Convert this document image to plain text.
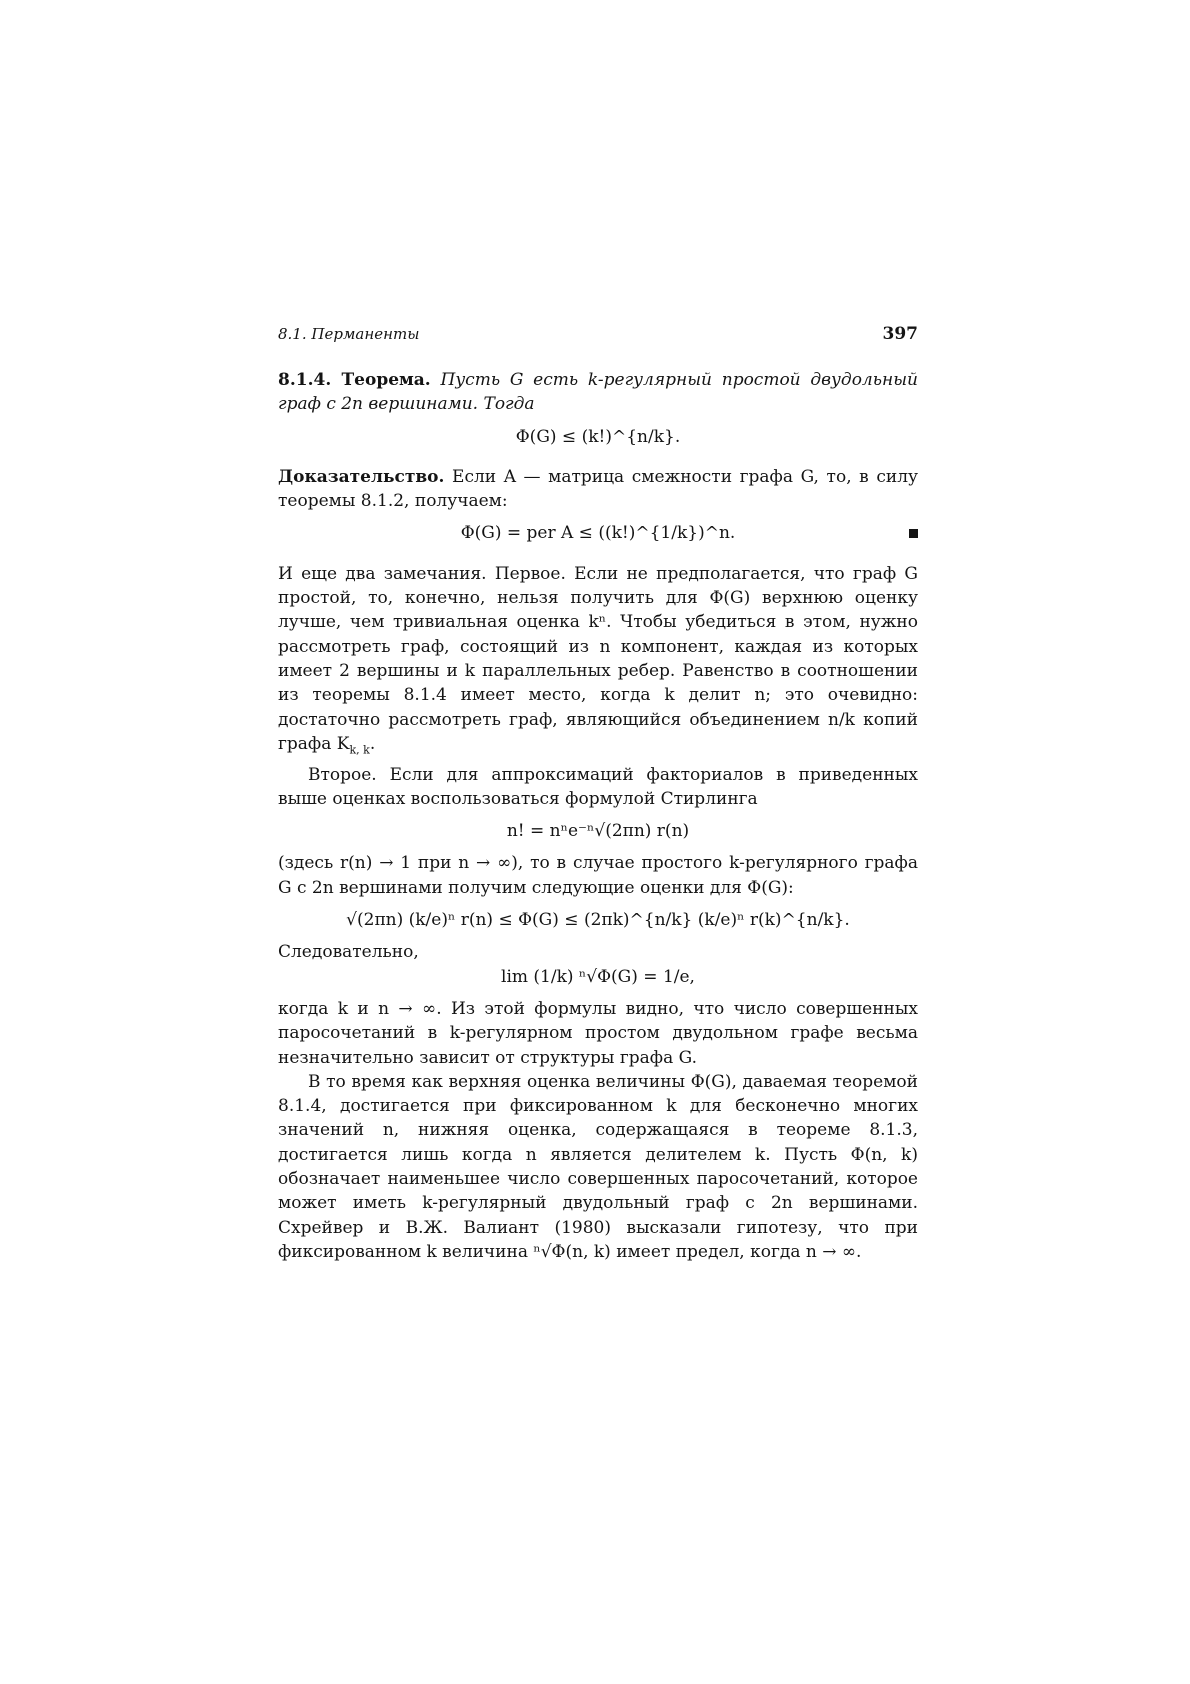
8.1. Перманенты	397

8.1.4. Теорема. Пусть G есть k-регулярный простой двудольный граф с 2n вершинами. Тогда

Φ(G) ≤ (k!)^{n/k}.

Доказательство. Если A — матрица смежности графа G, то, в силу теоремы 8.1.2, получаем:

Φ(G) = per A ≤ ((k!)^{1/k})^n.

И еще два замечания. Первое. Если не предполагается, что граф G простой, то, конечно, нельзя получить для Φ(G) верхнюю оценку лучше, чем тривиальная оценка kⁿ. Чтобы убедиться в этом, нужно рассмотреть граф, состоящий из n компонент, каждая из которых имеет 2 вершины и k параллельных ребер. Равенство в соотношении из теоремы 8.1.4 имеет место, когда k делит n; это очевидно: достаточно рассмотреть граф, являющийся объединением n/k копий графа $K_{k, k}$.

Второе. Если для аппроксимаций факториалов в приведенных выше оценках воспользоваться формулой Стирлинга

n! = nⁿe⁻ⁿ√(2πn) r(n)

(здесь r(n) → 1 при n → ∞), то в случае простого k-регулярного графа G с 2n вершинами получим следующие оценки для Φ(G):

√(2πn) (k/e)ⁿ r(n) ≤ Φ(G) ≤ (2πk)^{n/k} (k/e)ⁿ r(k)^{n/k}.

Следовательно,

lim (1/k) ⁿ√Φ(G) = 1/e,

когда k и n → ∞. Из этой формулы видно, что число совершенных паросочетаний в k-регулярном простом двудольном графе весьма незначительно зависит от структуры графа G.

В то время как верхняя оценка величины Φ(G), даваемая теоремой 8.1.4, достигается при фиксированном k для бесконечно многих значений n, нижняя оценка, содержащаяся в теореме 8.1.3, достигается лишь когда n является делителем k. Пусть Φ(n, k) обозначает наименьшее число совершенных паросочетаний, которое может иметь k-регулярный двудольный граф с 2n вершинами. Схрейвер и В.Ж. Валиант (1980) высказали гипотезу, что при фиксированном k величина ⁿ√Φ(n, k) имеет предел, когда n → ∞.
